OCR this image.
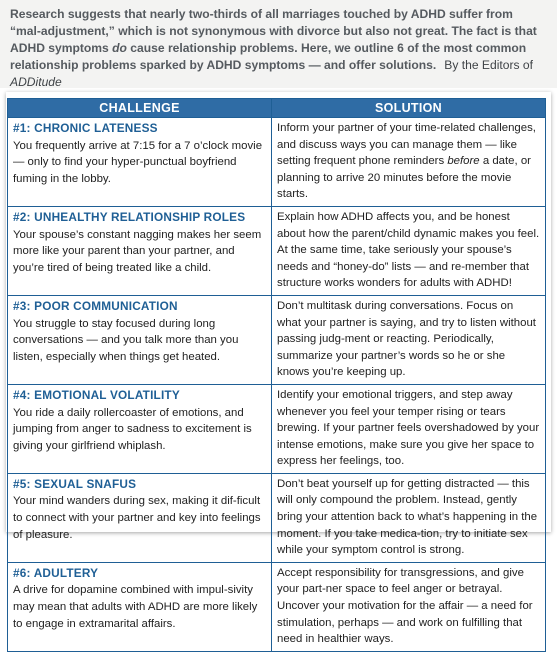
Research suggests that nearly two-thirds of all marriages touched by ADHD suffer from “mal-adjustment,” which is not synonymous with divorce but also not great. The fact is that ADHD symptoms do cause relationship problems. Here, we outline 6 of the most common relationship problems sparked by ADHD symptoms — and offer solutions. By the Editors of ADDitude
CHALLENGE	SOLUTION

#1: CHRONIC LATENESS
You frequently arrive at 7:15 for a 7 o’clock movie — only to find your hyper-punctual boyfriend fuming in the lobby.	Inform your partner of your time-related challenges, and discuss ways you can manage them — like setting frequent phone reminders before a date, or planning to arrive 20 minutes before the movie starts.

#2: UNHEALTHY RELATIONSHIP ROLES
Your spouse’s constant nagging makes her seem more like your parent than your partner, and you’re tired of being treated like a child.	Explain how ADHD affects you, and be honest about how the parent/child dynamic makes you feel. At the same time, take seriously your spouse’s needs and “honey-do” lists — and re-member that structure works wonders for adults with ADHD!

#3: POOR COMMUNICATION
You struggle to stay focused during long conversations — and you talk more than you listen, especially when things get heated.	Don’t multitask during conversations. Focus on what your partner is saying, and try to listen without passing judg-ment or reacting. Periodically, summarize your partner’s words so he or she knows you’re keeping up.

#4: EMOTIONAL VOLATILITY
You ride a daily rollercoaster of emotions, and jumping from anger to sadness to excitement is giving your girlfriend whiplash.	Identify your emotional triggers, and step away whenever you feel your temper rising or tears brewing. If your partner feels overshadowed by your intense emotions, make sure you give her space to express her feelings, too.

#5: SEXUAL SNAFUS
Your mind wanders during sex, making it dif-ficult to connect with your partner and key into feelings of pleasure.	Don’t beat yourself up for getting distracted — this will only compound the problem. Instead, gently bring your attention back to what’s happening in the moment. If you take medica-tion, try to initiate sex while your symptom control is strong.

#6: ADULTERY
A drive for dopamine combined with impul-sivity may mean that adults with ADHD are more likely to engage in extramarital affairs.	Accept responsibility for transgressions, and give your part-ner space to feel anger or betrayal. Uncover your motivation for the affair — a need for stimulation, perhaps — and work on fulfilling that need in healthier ways.
